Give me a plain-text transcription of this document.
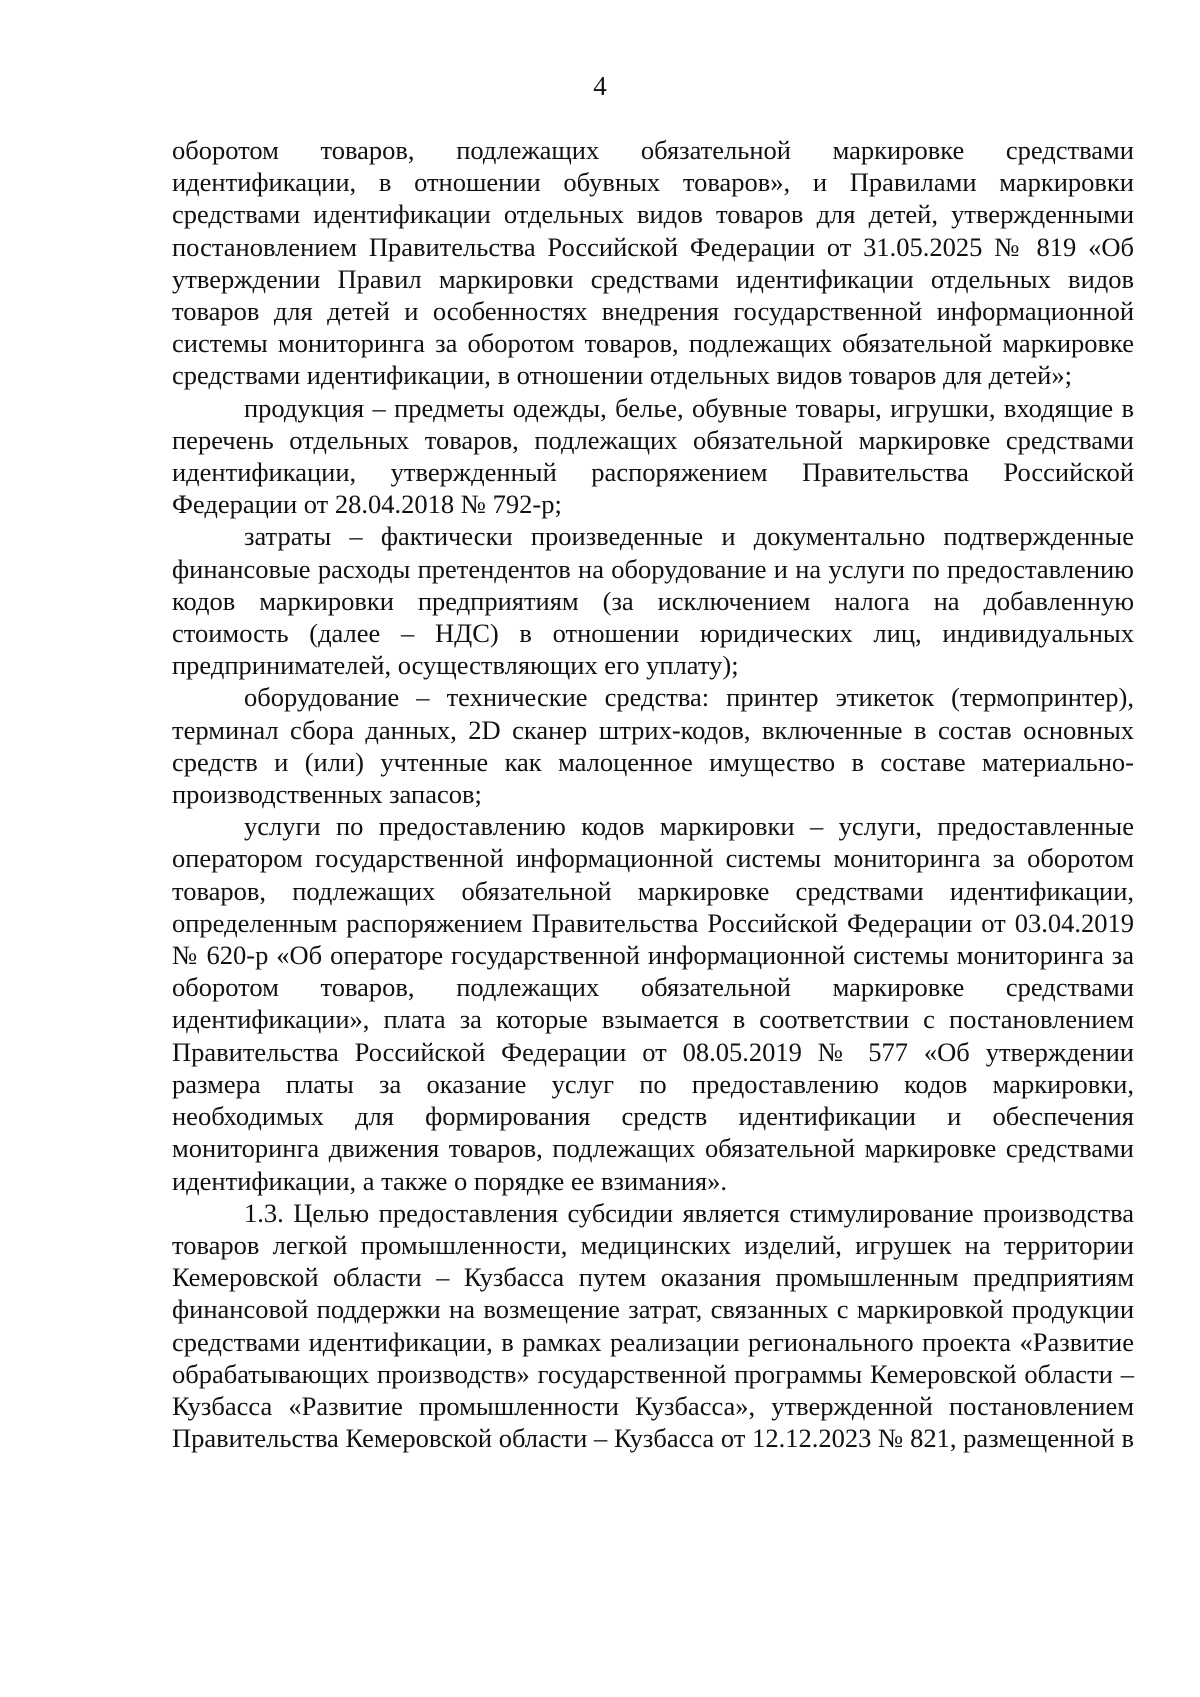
4

оборотом товаров, подлежащих обязательной маркировке средствами идентификации, в отношении обувных товаров», и Правилами маркировки средствами идентификации отдельных видов товаров для детей, утвержденными постановлением Правительства Российской Федерации от 31.05.2025 № 819 «Об утверждении Правил маркировки средствами идентификации отдельных видов товаров для детей и особенностях внедрения государственной информационной системы мониторинга за оборотом товаров, подлежащих обязательной маркировке средствами идентификации, в отношении отдельных видов товаров для детей»;

продукция – предметы одежды, белье, обувные товары, игрушки, входящие в перечень отдельных товаров, подлежащих обязательной маркировке средствами идентификации, утвержденный распоряжением Правительства Российской Федерации от 28.04.2018 № 792-р;

затраты – фактически произведенные и документально подтвержденные финансовые расходы претендентов на оборудование и на услуги по предоставлению кодов маркировки предприятиям (за исключением налога на добавленную стоимость (далее – НДС) в отношении юридических лиц, индивидуальных предпринимателей, осуществляющих его уплату);

оборудование – технические средства: принтер этикеток (термопринтер), терминал сбора данных, 2D сканер штрих-кодов, включенные в состав основных средств и (или) учтенные как малоценное имущество в составе материально-производственных запасов;

услуги по предоставлению кодов маркировки – услуги, предоставленные оператором государственной информационной системы мониторинга за оборотом товаров, подлежащих обязательной маркировке средствами идентификации, определенным распоряжением Правительства Российской Федерации от 03.04.2019 № 620-р «Об операторе государственной информационной системы мониторинга за оборотом товаров, подлежащих обязательной маркировке средствами идентификации», плата за которые взымается в соответствии с постановлением Правительства Российской Федерации от 08.05.2019 № 577 «Об утверждении размера платы за оказание услуг по предоставлению кодов маркировки, необходимых для формирования средств идентификации и обеспечения мониторинга движения товаров, подлежащих обязательной маркировке средствами идентификации, а также о порядке ее взимания».

1.3. Целью предоставления субсидии является стимулирование производства товаров легкой промышленности, медицинских изделий, игрушек на территории Кемеровской области – Кузбасса путем оказания промышленным предприятиям финансовой поддержки на возмещение затрат, связанных с маркировкой продукции средствами идентификации, в рамках реализации регионального проекта «Развитие обрабатывающих производств» государственной программы Кемеровской области – Кузбасса «Развитие промышленности Кузбасса», утвержденной постановлением Правительства Кемеровской области – Кузбасса от 12.12.2023 № 821, размещенной в
